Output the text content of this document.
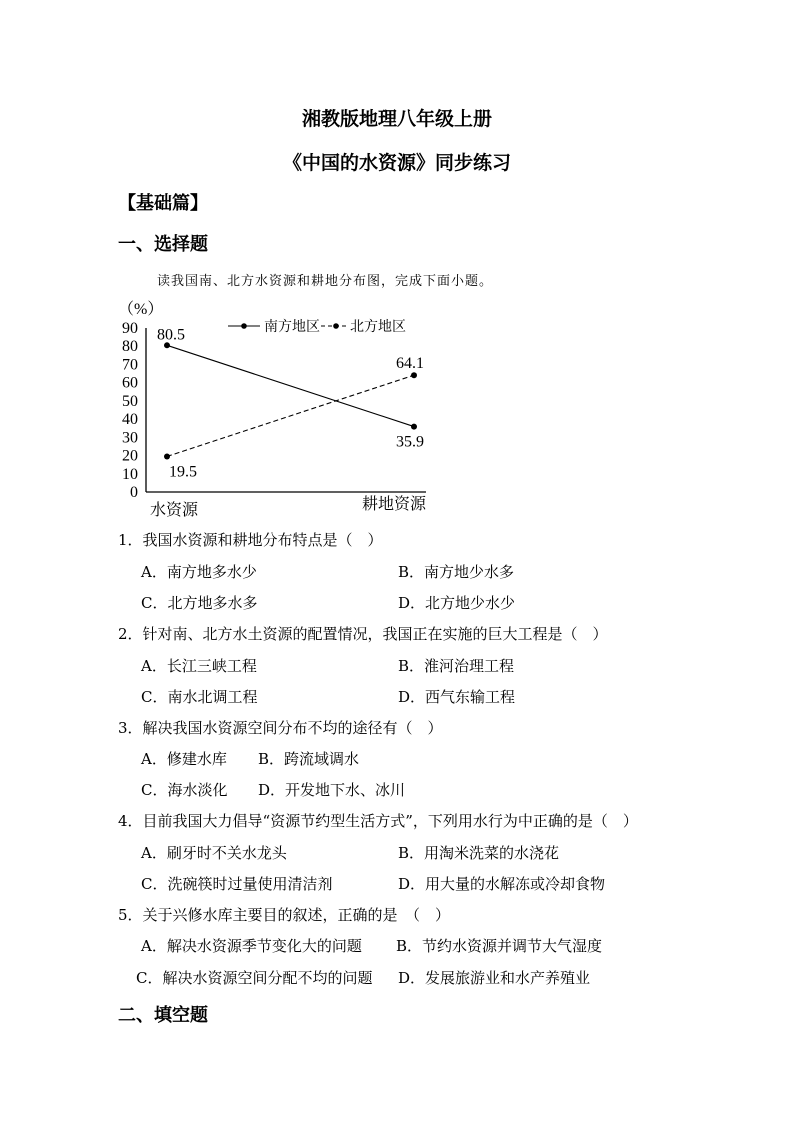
湘教版地理八年级上册
《中国的水资源》同步练习
【基础篇】
一、选择题
读我国南、北方水资源和耕地分布图，完成下面小题。
（%）
0
10
20
30
40
50
60
70
80
90 80.5
35.9
19.5
64.1
南方地区 北方地区
水资源	耕地资源
1．我国水资源和耕地分布特点是（　）
A．南方地多水少	B．南方地少水多
C．北方地多水多	D．北方地少水少
2．针对南、北方水土资源的配置情况，我国正在实施的巨大工程是（　）
A．长江三峡工程	B．淮河治理工程
C．南水北调工程	D．西气东输工程
3．解决我国水资源空间分布不均的途径有（　）
A．修建水库 B．跨流域调水
C．海水淡化 D．开发地下水、冰川
4．目前我国大力倡导“资源节约型生活方式”，下列用水行为中正确的是（　）
A．刷牙时不关水龙头	B．用淘米洗菜的水浇花
C．洗碗筷时过量使用清洁剂	D．用大量的水解冻或冷却食物
5．关于兴修水库主要目的叙述，正确的是　（　）
A．解决水资源季节变化大的问题 B．节约水资源并调节大气湿度
C．解决水资源空间分配不均的问题 D．发展旅游业和水产养殖业
二、填空题
